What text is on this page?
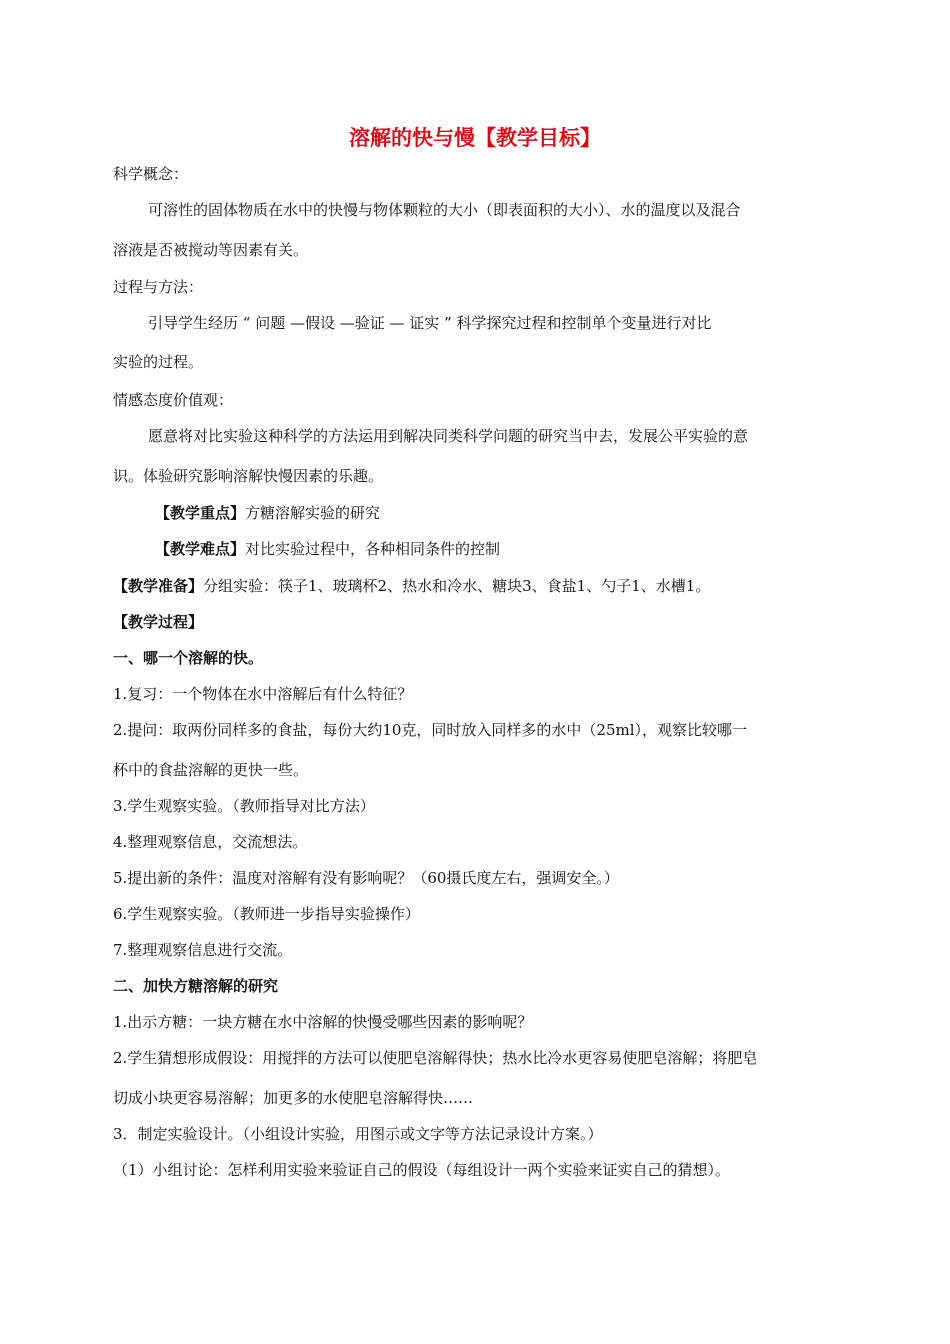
溶解的快与慢【教学目标】
科学概念：
可溶性的固体物质在水中的快慢与物体颗粒的大小（即表面积的大小）、水的温度以及混合
溶液是否被搅动等因素有关。
过程与方法：
引导学生经历 “ 问题 —假设 —验证 — 证实 ” 科学探究过程和控制单个变量进行对比
实验的过程。
情感态度价值观：
愿意将对比实验这种科学的方法运用到解决同类科学问题的研究当中去，发展公平实验的意
识。体验研究影响溶解快慢因素的乐趣。
【教学重点】方糖溶解实验的研究
【教学难点】对比实验过程中，各种相同条件的控制
【教学准备】分组实验：筷子1、玻璃杯2、热水和冷水、糖块3、食盐1、勺子1、水槽1。
【教学过程】
一、哪一个溶解的快。
1.复习：一个物体在水中溶解后有什么特征？
2.提问：取两份同样多的食盐，每份大约10克，同时放入同样多的水中（25ml），观察比较哪一
杯中的食盐溶解的更快一些。
3.学生观察实验。（教师指导对比方法）
4.整理观察信息，交流想法。
5.提出新的条件：温度对溶解有没有影响呢？（60摄氏度左右，强调安全。）
6.学生观察实验。（教师进一步指导实验操作）
7.整理观察信息进行交流。
二、加快方糖溶解的研究
1.出示方糖：一块方糖在水中溶解的快慢受哪些因素的影响呢？
2.学生猜想形成假设：用搅拌的方法可以使肥皂溶解得快；热水比冷水更容易使肥皂溶解；将肥皂
切成小块更容易溶解；加更多的水使肥皂溶解得快……
3．制定实验设计。（小组设计实验，用图示或文字等方法记录设计方案。）
（1）小组讨论：怎样利用实验来验证自己的假设（每组设计一两个实验来证实自己的猜想）。
